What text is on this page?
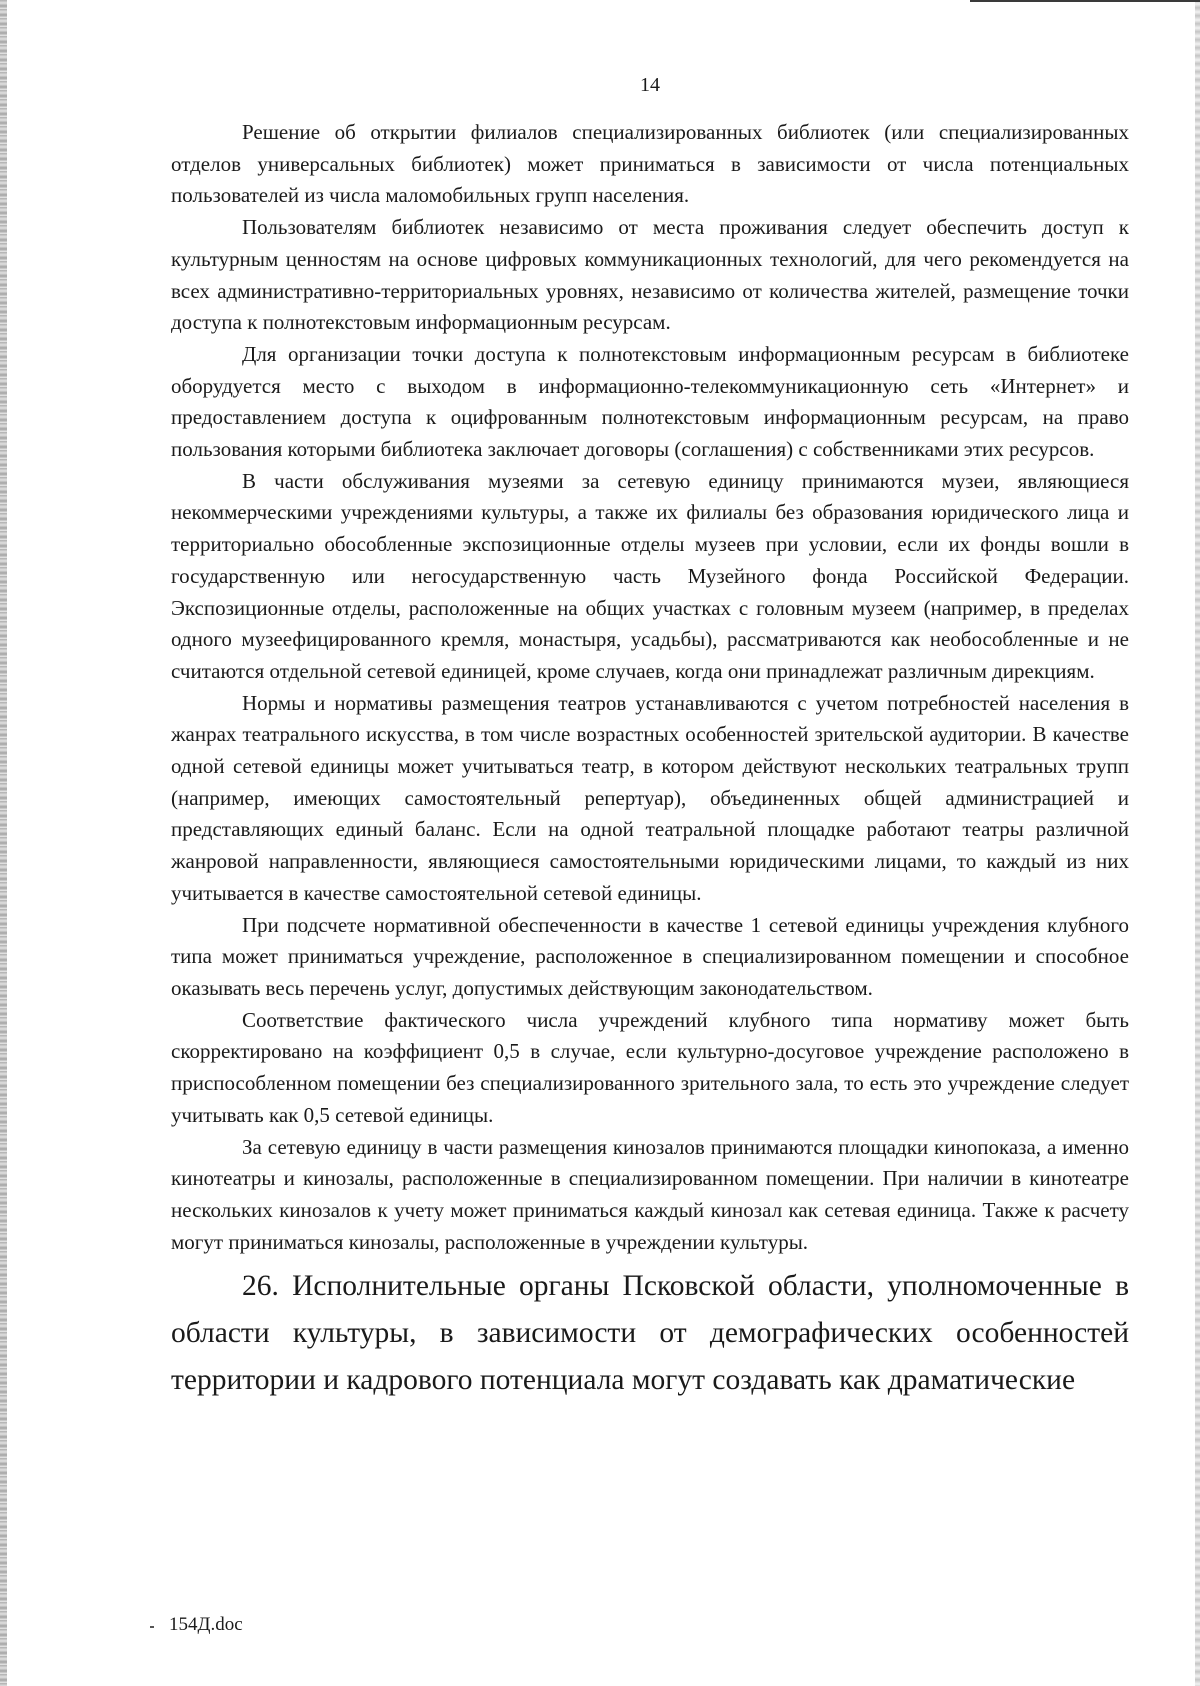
14

Решение об открытии филиалов специализированных библиотек (или специализированных отделов универсальных библиотек) может приниматься в зависимости от числа потенциальных пользователей из числа маломобильных групп населения.

Пользователям библиотек независимо от места проживания следует обеспечить доступ к культурным ценностям на основе цифровых коммуникационных технологий, для чего рекомендуется на всех административно-территориальных уровнях, независимо от количества жителей, размещение точки доступа к полнотекстовым информационным ресурсам.

Для организации точки доступа к полнотекстовым информационным ресурсам в библиотеке оборудуется место с выходом в информационно-телекоммуникационную сеть «Интернет» и предоставлением доступа к оцифрованным полнотекстовым информационным ресурсам, на право пользования которыми библиотека заключает договоры (соглашения) с собственниками этих ресурсов.

В части обслуживания музеями за сетевую единицу принимаются музеи, являющиеся некоммерческими учреждениями культуры, а также их филиалы без образования юридического лица и территориально обособленные экспозиционные отделы музеев при условии, если их фонды вошли в государственную или негосударственную часть Музейного фонда Российской Федерации. Экспозиционные отделы, расположенные на общих участках с головным музеем (например, в пределах одного музеефицированного кремля, монастыря, усадьбы), рассматриваются как необособленные и не считаются отдельной сетевой единицей, кроме случаев, когда они принадлежат различным дирекциям.

Нормы и нормативы размещения театров устанавливаются с учетом потребностей населения в жанрах театрального искусства, в том числе возрастных особенностей зрительской аудитории. В качестве одной сетевой единицы может учитываться театр, в котором действуют нескольких театральных трупп (например, имеющих самостоятельный репертуар), объединенных общей администрацией и представляющих единый баланс. Если на одной театральной площадке работают театры различной жанровой направленности, являющиеся самостоятельными юридическими лицами, то каждый из них учитывается в качестве самостоятельной сетевой единицы.

При подсчете нормативной обеспеченности в качестве 1 сетевой единицы учреждения клубного типа может приниматься учреждение, расположенное в специализированном помещении и способное оказывать весь перечень услуг, допустимых действующим законодательством.

Соответствие фактического числа учреждений клубного типа нормативу может быть скорректировано на коэффициент 0,5 в случае, если культурно-досуговое учреждение расположено в приспособленном помещении без специализированного зрительного зала, то есть это учреждение следует учитывать как 0,5 сетевой единицы.

За сетевую единицу в части размещения кинозалов принимаются площадки кинопоказа, а именно кинотеатры и кинозалы, расположенные в специализированном помещении. При наличии в кинотеатре нескольких кинозалов к учету может приниматься каждый кинозал как сетевая единица. Также к расчету могут приниматься кинозалы, расположенные в учреждении культуры.

26. Исполнительные органы Псковской области, уполномоченные в области культуры, в зависимости от демографических особенностей территории и кадрового потенциала могут создавать как драматические

154Д.doc
